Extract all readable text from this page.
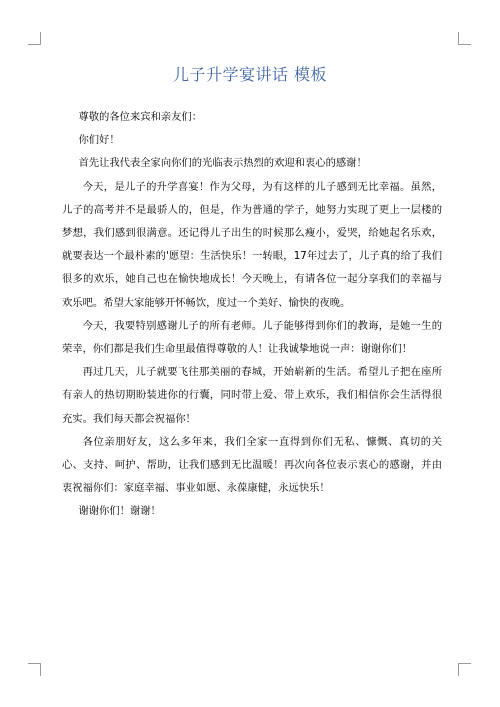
儿子升学宴讲话 模板

尊敬的各位来宾和亲友们：

你们好！

首先让我代表全家向你们的光临表示热烈的欢迎和衷心的感谢！

今天，是儿子的升学喜宴！作为父母，为有这样的儿子感到无比幸福。虽然，儿子的高考并不是最骄人的，但是，作为普通的学子，她努力实现了更上一层楼的梦想，我们感到很满意。还记得儿子出生的时候那么瘦小，爱哭，给她起名乐欢，就要表达一个最朴素的'愿望：生活快乐！一转眼，17年过去了，儿子真的给了我们很多的欢乐，她自己也在愉快地成长！今天晚上，有请各位一起分享我们的幸福与欢乐吧。希望大家能够开怀畅饮，度过一个美好、愉快的夜晚。

今天，我要特别感谢儿子的所有老师。儿子能够得到你们的教诲，是她一生的荣幸，你们都是我们生命里最值得尊敬的人！让我诚挚地说一声：谢谢你们！

再过几天，儿子就要飞往那美丽的春城，开始崭新的生活。希望儿子把在座所有亲人的热切期盼装进你的行囊，同时带上爱、带上欢乐，我们相信你会生活得很充实。我们每天都会祝福你！

各位亲朋好友，这么多年来，我们全家一直得到你们无私、慷慨、真切的关心、支持、呵护、帮助，让我们感到无比温暖！再次向各位表示衷心的感谢，并由衷祝福你们：家庭幸福、事业如愿、永葆康健，永远快乐！

谢谢你们！谢谢！
